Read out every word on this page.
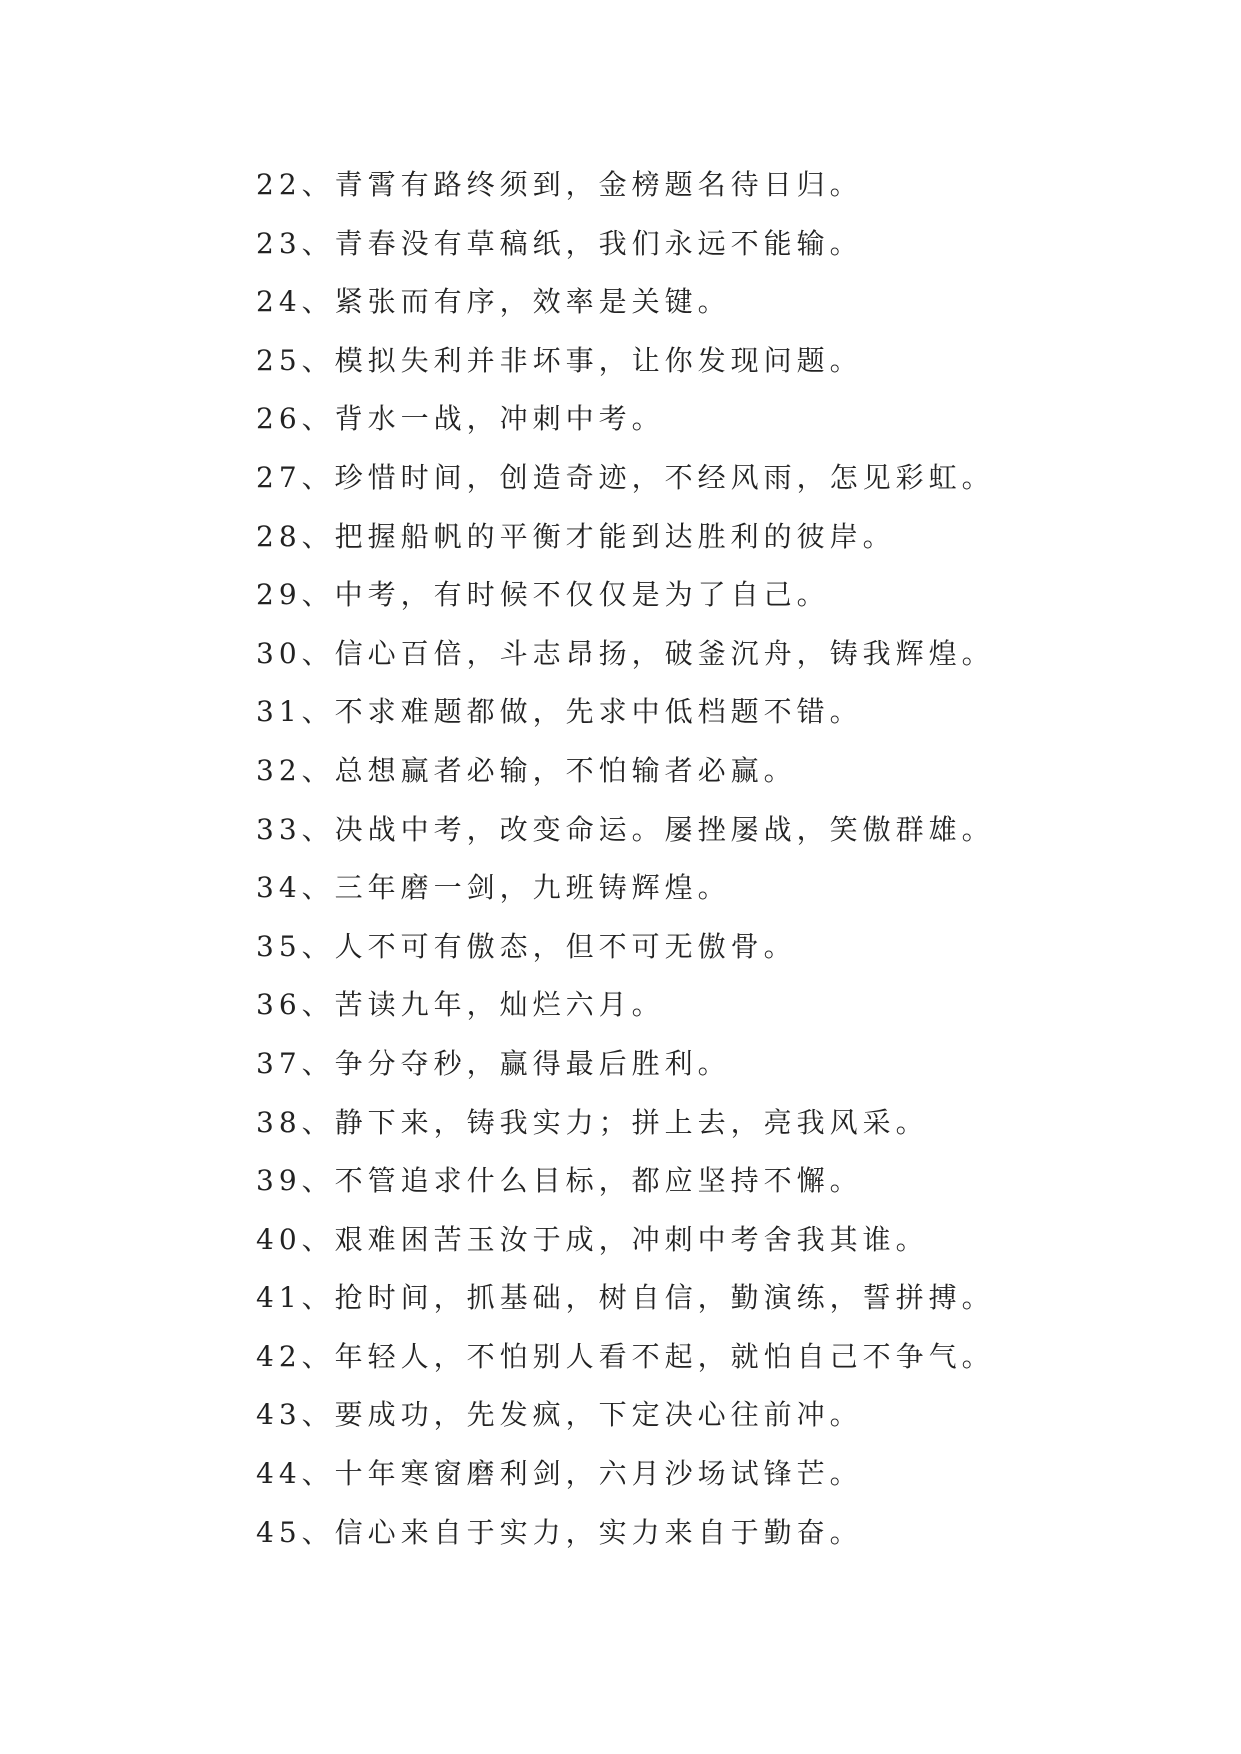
22、青霄有路终须到，金榜题名待日归。
23、青春没有草稿纸，我们永远不能输。
24、紧张而有序，效率是关键。
25、模拟失利并非坏事，让你发现问题。
26、背水一战，冲刺中考。
27、珍惜时间，创造奇迹，不经风雨，怎见彩虹。
28、把握船帆的平衡才能到达胜利的彼岸。
29、中考，有时候不仅仅是为了自己。
30、信心百倍，斗志昂扬，破釜沉舟，铸我辉煌。
31、不求难题都做，先求中低档题不错。
32、总想赢者必输，不怕输者必赢。
33、决战中考，改变命运。屡挫屡战，笑傲群雄。
34、三年磨一剑，九班铸辉煌。
35、人不可有傲态，但不可无傲骨。
36、苦读九年，灿烂六月。
37、争分夺秒，赢得最后胜利。
38、静下来，铸我实力；拼上去，亮我风采。
39、不管追求什么目标，都应坚持不懈。
40、艰难困苦玉汝于成，冲刺中考舍我其谁。
41、抢时间，抓基础，树自信，勤演练，誓拼搏。
42、年轻人，不怕别人看不起，就怕自己不争气。
43、要成功，先发疯，下定决心往前冲。
44、十年寒窗磨利剑，六月沙场试锋芒。
45、信心来自于实力，实力来自于勤奋。
